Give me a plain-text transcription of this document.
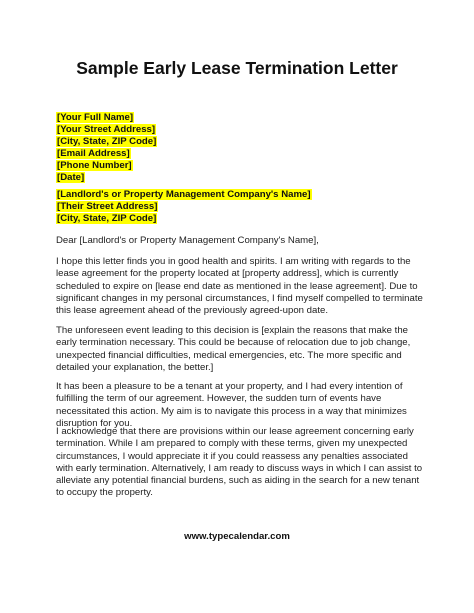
Sample Early Lease Termination Letter
[Your Full Name]
[Your Street Address]
[City, State, ZIP Code]
[Email Address]
[Phone Number]
[Date]
[Landlord's or Property Management Company's Name]
[Their Street Address]
[City, State, ZIP Code]

Dear [Landlord's or Property Management Company's Name],

I hope this letter finds you in good health and spirits. I am writing with regards to the lease agreement for the property located at [property address], which is currently scheduled to expire on [lease end date as mentioned in the lease agreement]. Due to significant changes in my personal circumstances, I find myself compelled to terminate this lease agreement ahead of the previously agreed-upon date.

The unforeseen event leading to this decision is [explain the reasons that make the early termination necessary. This could be because of relocation due to job change, unexpected financial difficulties, medical emergencies, etc. The more specific and detailed your explanation, the better.]

It has been a pleasure to be a tenant at your property, and I had every intention of fulfilling the term of our agreement. However, the sudden turn of events have necessitated this action. My aim is to navigate this process in a way that minimizes disruption for you.

I acknowledge that there are provisions within our lease agreement concerning early termination. While I am prepared to comply with these terms, given my unexpected circumstances, I would appreciate it if you could reassess any penalties associated with early termination. Alternatively, I am ready to discuss ways in which I can assist to alleviate any potential financial burdens, such as aiding in the search for a new tenant to occupy the property.

www.typecalendar.com
